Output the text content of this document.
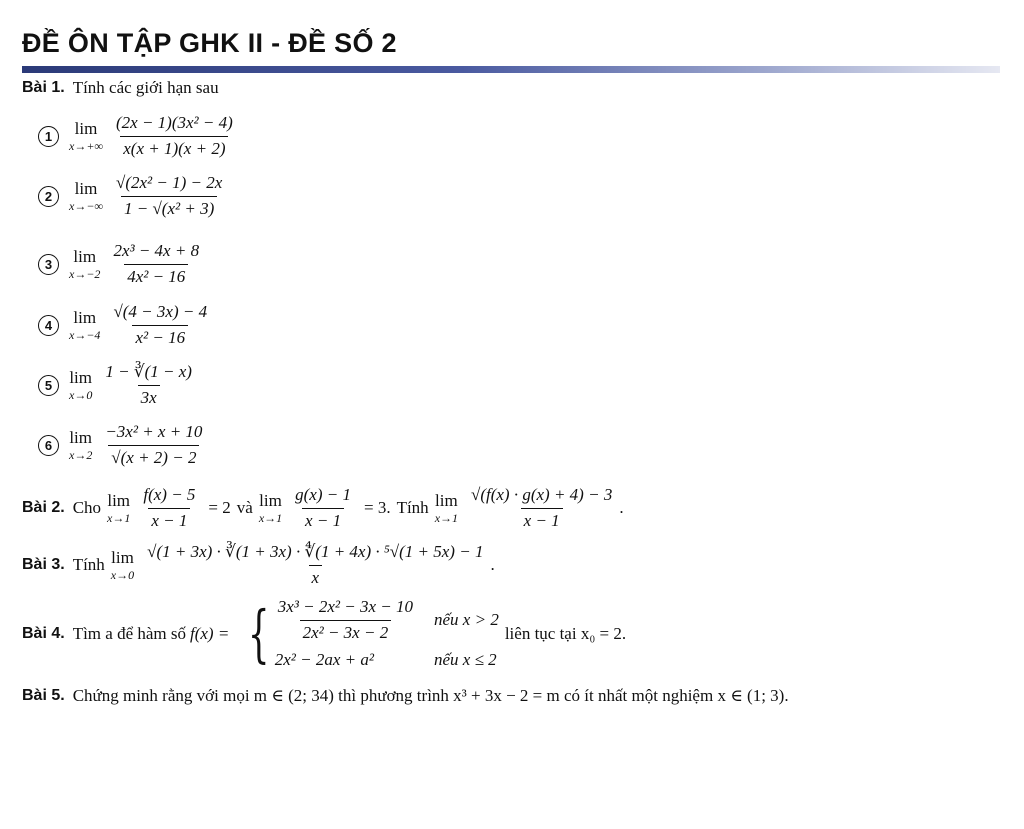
ĐỀ ÔN TẬP GHK II - ĐỀ SỐ 2
Bài 1. Tính các giới hạn sau
1	lim
$x\to+\infty \frac{\text{(2x − 1)(3x² − 4)}}{x(x + 1)(x + 2)}$
2	lim
$x\to-\infty \frac{\text{√(2x² − 1) − 2x}}{\text{1 − √(x² + 3)}}$
3	lim
$x\to-2 \frac{\text{2x³ − 4x + 8}}{\text{4x² − 16}}$
4	lim
$x\to-4 \frac{√(4 - 3x) - 4}{\text{x² − 16}}$
5	lim
$x\to 0 \frac{1 - ∛(1 - x)}{3x}$
6	lim
$x\to 2 \frac{\text{−3x² + x + 10}}{√(x + 2) - 2}$
Bài 2. Cho lim
$x\to 1 \frac{f(x) - 5}{x - 1} = 2$ và lim
$x\to 1 \frac{g(x) - 1}{x - 1} = 3$. Tính lim
$x\to 1 \frac{√(f(x) \cdot g(x) + 4) - 3}{x - 1}$ .
Bài 3. Tính lim
$x\to 0 \frac{\text{√(1 + 3x) · ∛(1 + 3x) · ∜(1 + 4x) · ⁵√(1 + 5x) − 1}}{x}$ .
Bài 4. Tìm a để hàm số f(x) = { $\frac{\text{3x³ − 2x² − 3x − 10}}{\text{2x² − 3x − 2}}$ nếu x > 2
2x² − 2ax + a²	nếu x ≤ 2
liên tục tại x₀ = 2.
Bài 5. Chứng minh rằng với mọi m ∈ (2; 34) thì phương trình x³ + 3x − 2 = m có ít nhất một nghiệm x ∈ (1; 3).
